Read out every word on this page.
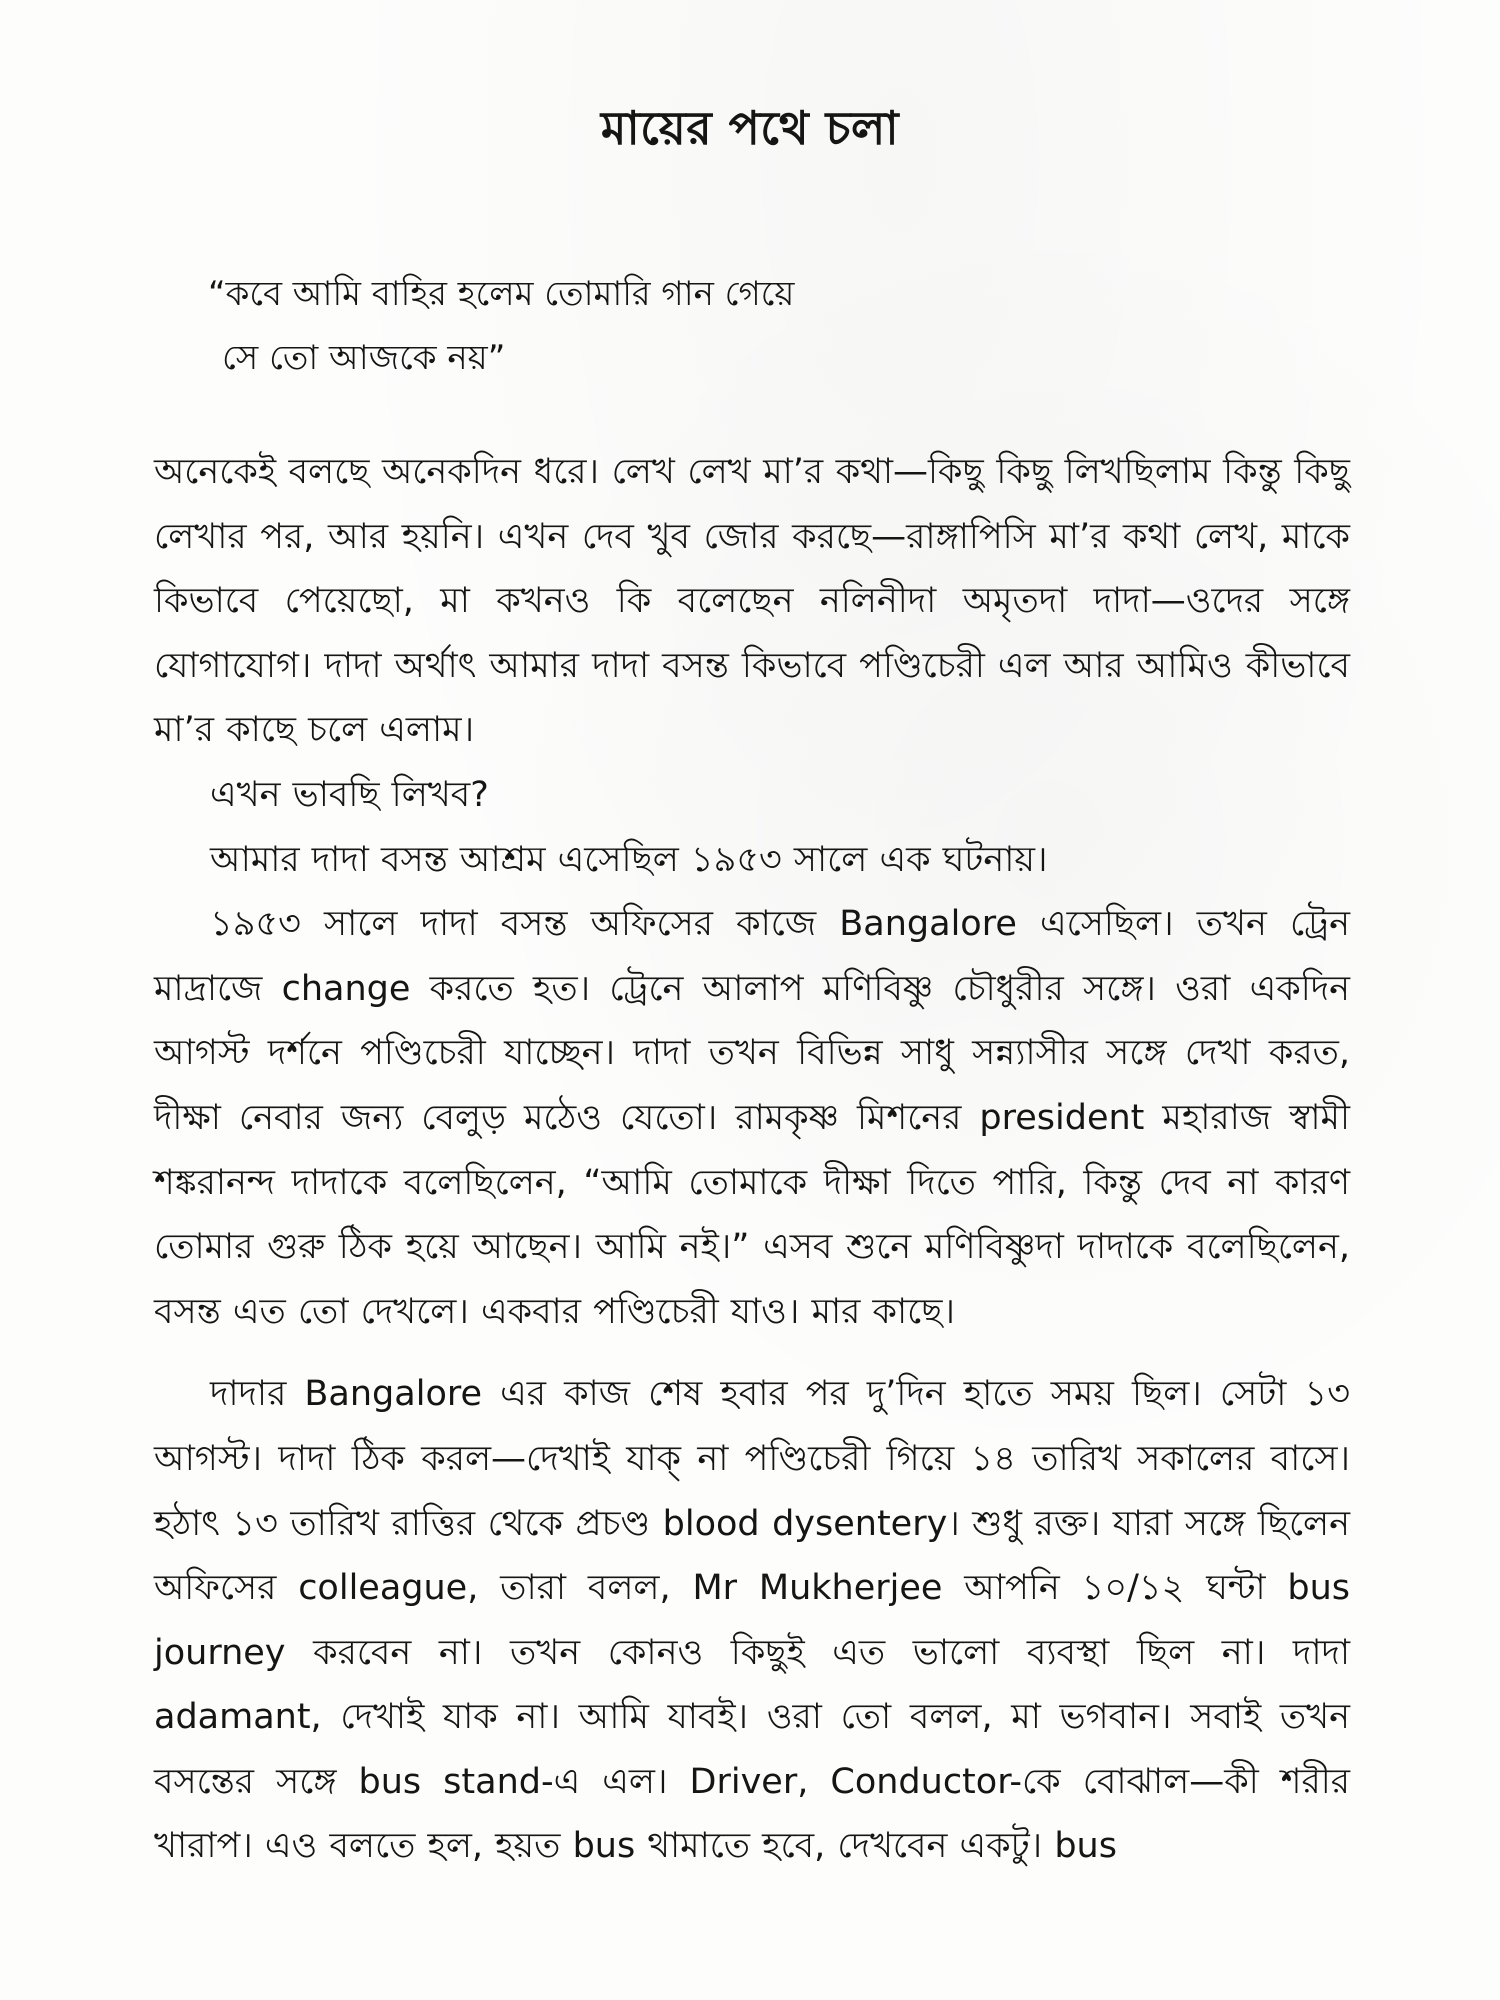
মায়ের পথে চলা
“কবে আমি বাহির হলেম তোমারি গান গেয়ে
সে তো আজকে নয়”

অনেকেই বলছে অনেকদিন ধরে। লেখ লেখ মা’র কথা—কিছু কিছু লিখছিলাম কিন্তু কিছু লেখার পর, আর হয়নি। এখন দেব খুব জোর করছে—রাঙ্গাপিসি মা’র কথা লেখ, মাকে কিভাবে পেয়েছো, মা কখনও কি বলেছেন নলিনীদা অমৃতদা দাদা—ওদের সঙ্গে যোগাযোগ। দাদা অর্থাৎ আমার দাদা বসন্ত কিভাবে পণ্ডিচেরী এল আর আমিও কীভাবে মা’র কাছে চলে এলাম।

এখন ভাবছি লিখব?

আমার দাদা বসন্ত আশ্রম এসেছিল ১৯৫৩ সালে এক ঘটনায়।

১৯৫৩ সালে দাদা বসন্ত অফিসের কাজে Bangalore এসেছিল। তখন ট্রেন মাদ্রাজে change করতে হত। ট্রেনে আলাপ মণিবিষ্ণু চৌধুরীর সঙ্গে। ওরা একদিন আগস্ট দর্শনে পণ্ডিচেরী যাচ্ছেন। দাদা তখন বিভিন্ন সাধু সন্ন্যাসীর সঙ্গে দেখা করত, দীক্ষা নেবার জন্য বেলুড় মঠেও যেতো। রামকৃষ্ণ মিশনের president মহারাজ স্বামী শঙ্করানন্দ দাদাকে বলেছিলেন, “আমি তোমাকে দীক্ষা দিতে পারি, কিন্তু দেব না কারণ তোমার গুরু ঠিক হয়ে আছেন। আমি নই।” এসব শুনে মণিবিষ্ণুদা দাদাকে বলেছিলেন, বসন্ত এত তো দেখলে। একবার পণ্ডিচেরী যাও। মার কাছে।

দাদার Bangalore এর কাজ শেষ হবার পর দু’দিন হাতে সময় ছিল। সেটা ১৩ আগস্ট। দাদা ঠিক করল—দেখাই যাক্ না পণ্ডিচেরী গিয়ে ১৪ তারিখ সকালের বাসে। হঠাৎ ১৩ তারিখ রাত্তির থেকে প্রচণ্ড blood dysentery। শুধু রক্ত। যারা সঙ্গে ছিলেন অফিসের colleague, তারা বলল, Mr Mukherjee আপনি ১০/১২ ঘন্টা bus journey করবেন না। তখন কোনও কিছুই এত ভালো ব্যবস্থা ছিল না। দাদা adamant, দেখাই যাক না। আমি যাবই। ওরা তো বলল, মা ভগবান। সবাই তখন বসন্তের সঙ্গে bus stand-এ এল। Driver, Conductor-কে বোঝাল—কী শরীর খারাপ। এও বলতে হল, হয়ত bus থামাতে হবে, দেখবেন একটু। bus
